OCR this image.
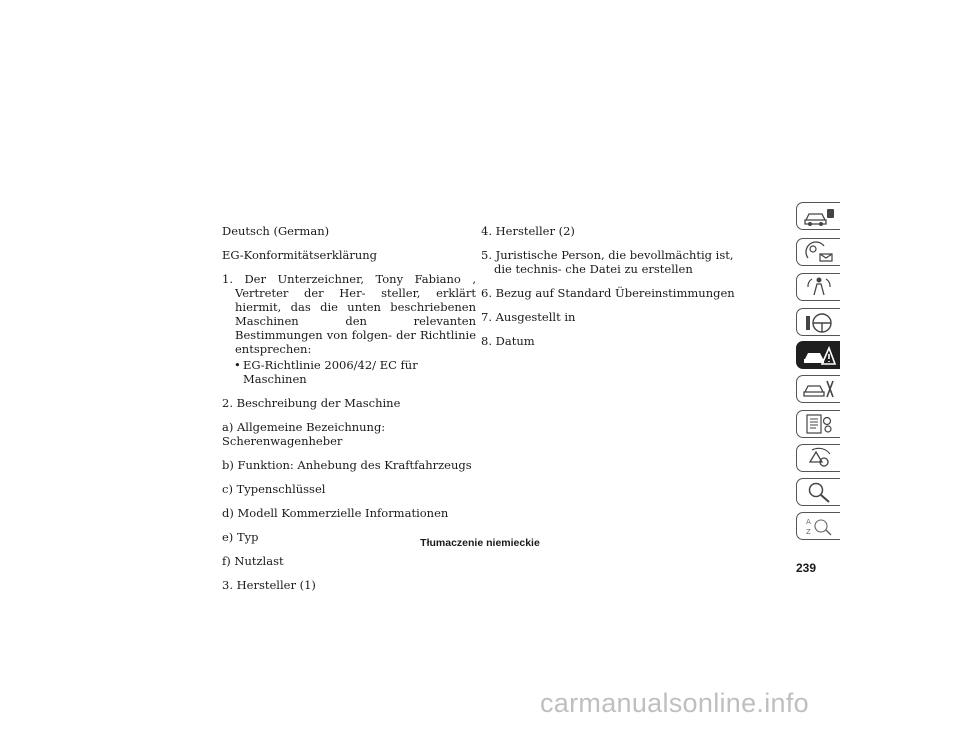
Deutsch (German)

EG-Konformitätserklärung

1. Der Unterzeichner, Tony Fabiano , Vertreter der Her- steller, erklärt hiermit, das die unten beschriebenen Maschinen den relevanten Bestimmungen von folgen- der Richtlinie entsprechen:

• EG-Richtlinie 2006/42/ EC für Maschinen

2. Beschreibung der Maschine

a) Allgemeine Bezeichnung: Scherenwagenheber

b) Funktion: Anhebung des Kraftfahrzeugs

c) Typenschlüssel

d) Modell Kommerzielle Informationen

e) Typ

f) Nutzlast

3. Hersteller (1)

4. Hersteller (2)

5. Juristische Person, die bevollmächtig ist, die technis- che Datei zu erstellen

6. Bezug auf Standard Übereinstimmungen

7. Ausgestellt in

8. Datum

Tłumaczenie niemieckie
239
A
Z
carmanualsonline.info
